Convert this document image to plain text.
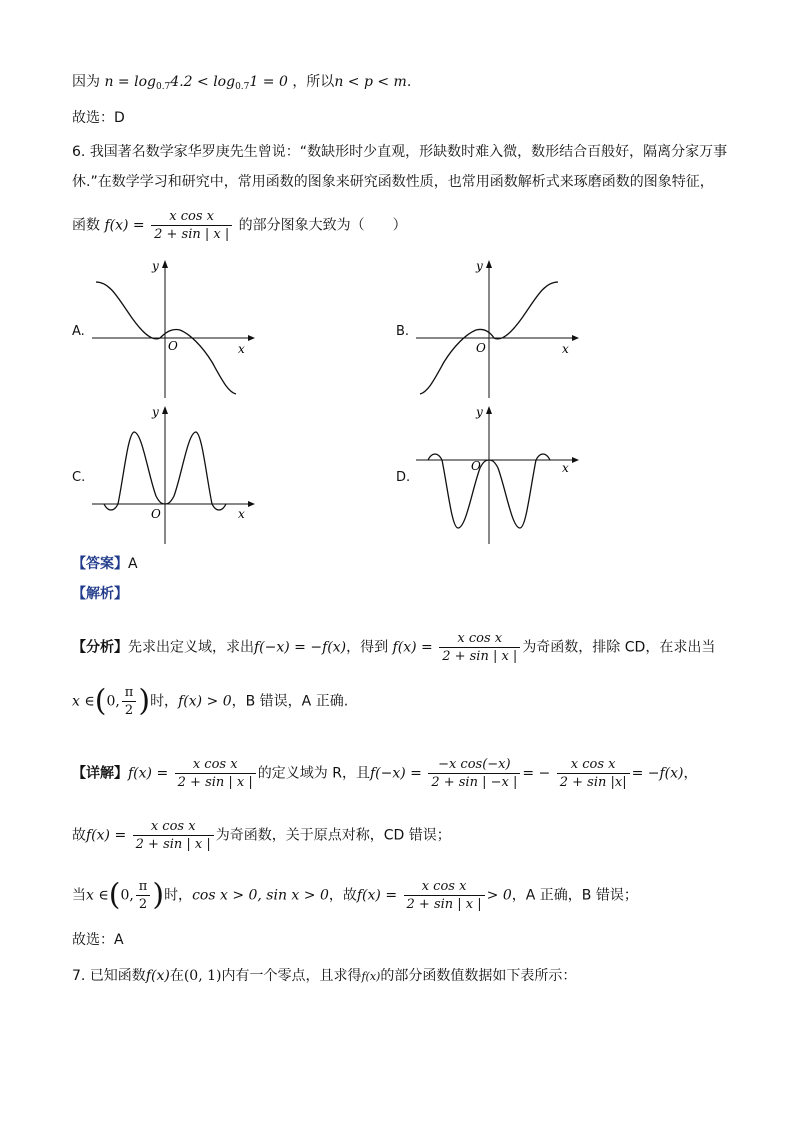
因为 $n = \log_{0.7}4.2 < \log_{0.7}1 = 0$ ，所以n < p < m.
故选：D
6. 我国著名数学家华罗庚先生曾说：“数缺形时少直观，形缺数时难入微，数形结合百般好，隔离分家万事
休.”在数学学习和研究中，常用函数的图象来研究函数性质，也常用函数解析式来琢磨函数的图象特征，
函数 $f(x) = \frac{\text{x cos x}}{2 + \sin | x |}$ 的部分图象大致为（　　）
A.	B.
C.	D.
x
y
O	x
y
O
x
y
O
x
y
O
【答案】A
【解析】
【分析】先求出定义域，求出f(−x) = −f(x)，得到 $f(x) = \frac{\text{x cos x}}{2 + \sin | x |}$ 为奇函数，排除 CD，在求出当
x ∈(0, $\frac{\pi}{2}$ )时，f(x) > 0，B 错误，A 正确.
【详解】$f(x) = \frac{\text{x cos x}}{2 + \sin | x |}$ 的定义域为 R，且$f(-x) = \frac{\text{−x cos(−x)}}{2 + \sin | -x |}$ = − $\frac{\text{x cos x}}{2 + \sin |x|} = -f(x)$，
故$f(x) = \frac{\text{x cos x}}{2 + \sin | x |}$ 为奇函数，关于原点对称，CD 错误；
当x ∈(0, $\frac{\pi}{2}$ )时，cos x > 0, sin x > 0，故$f(x) = \frac{\text{x cos x}}{2 + \sin | x |} > 0$，A 正确，B 错误；
故选：A
7. 已知函数f(x)在(0, 1)内有一个零点，且求得f(x)的部分函数值数据如下表所示：
